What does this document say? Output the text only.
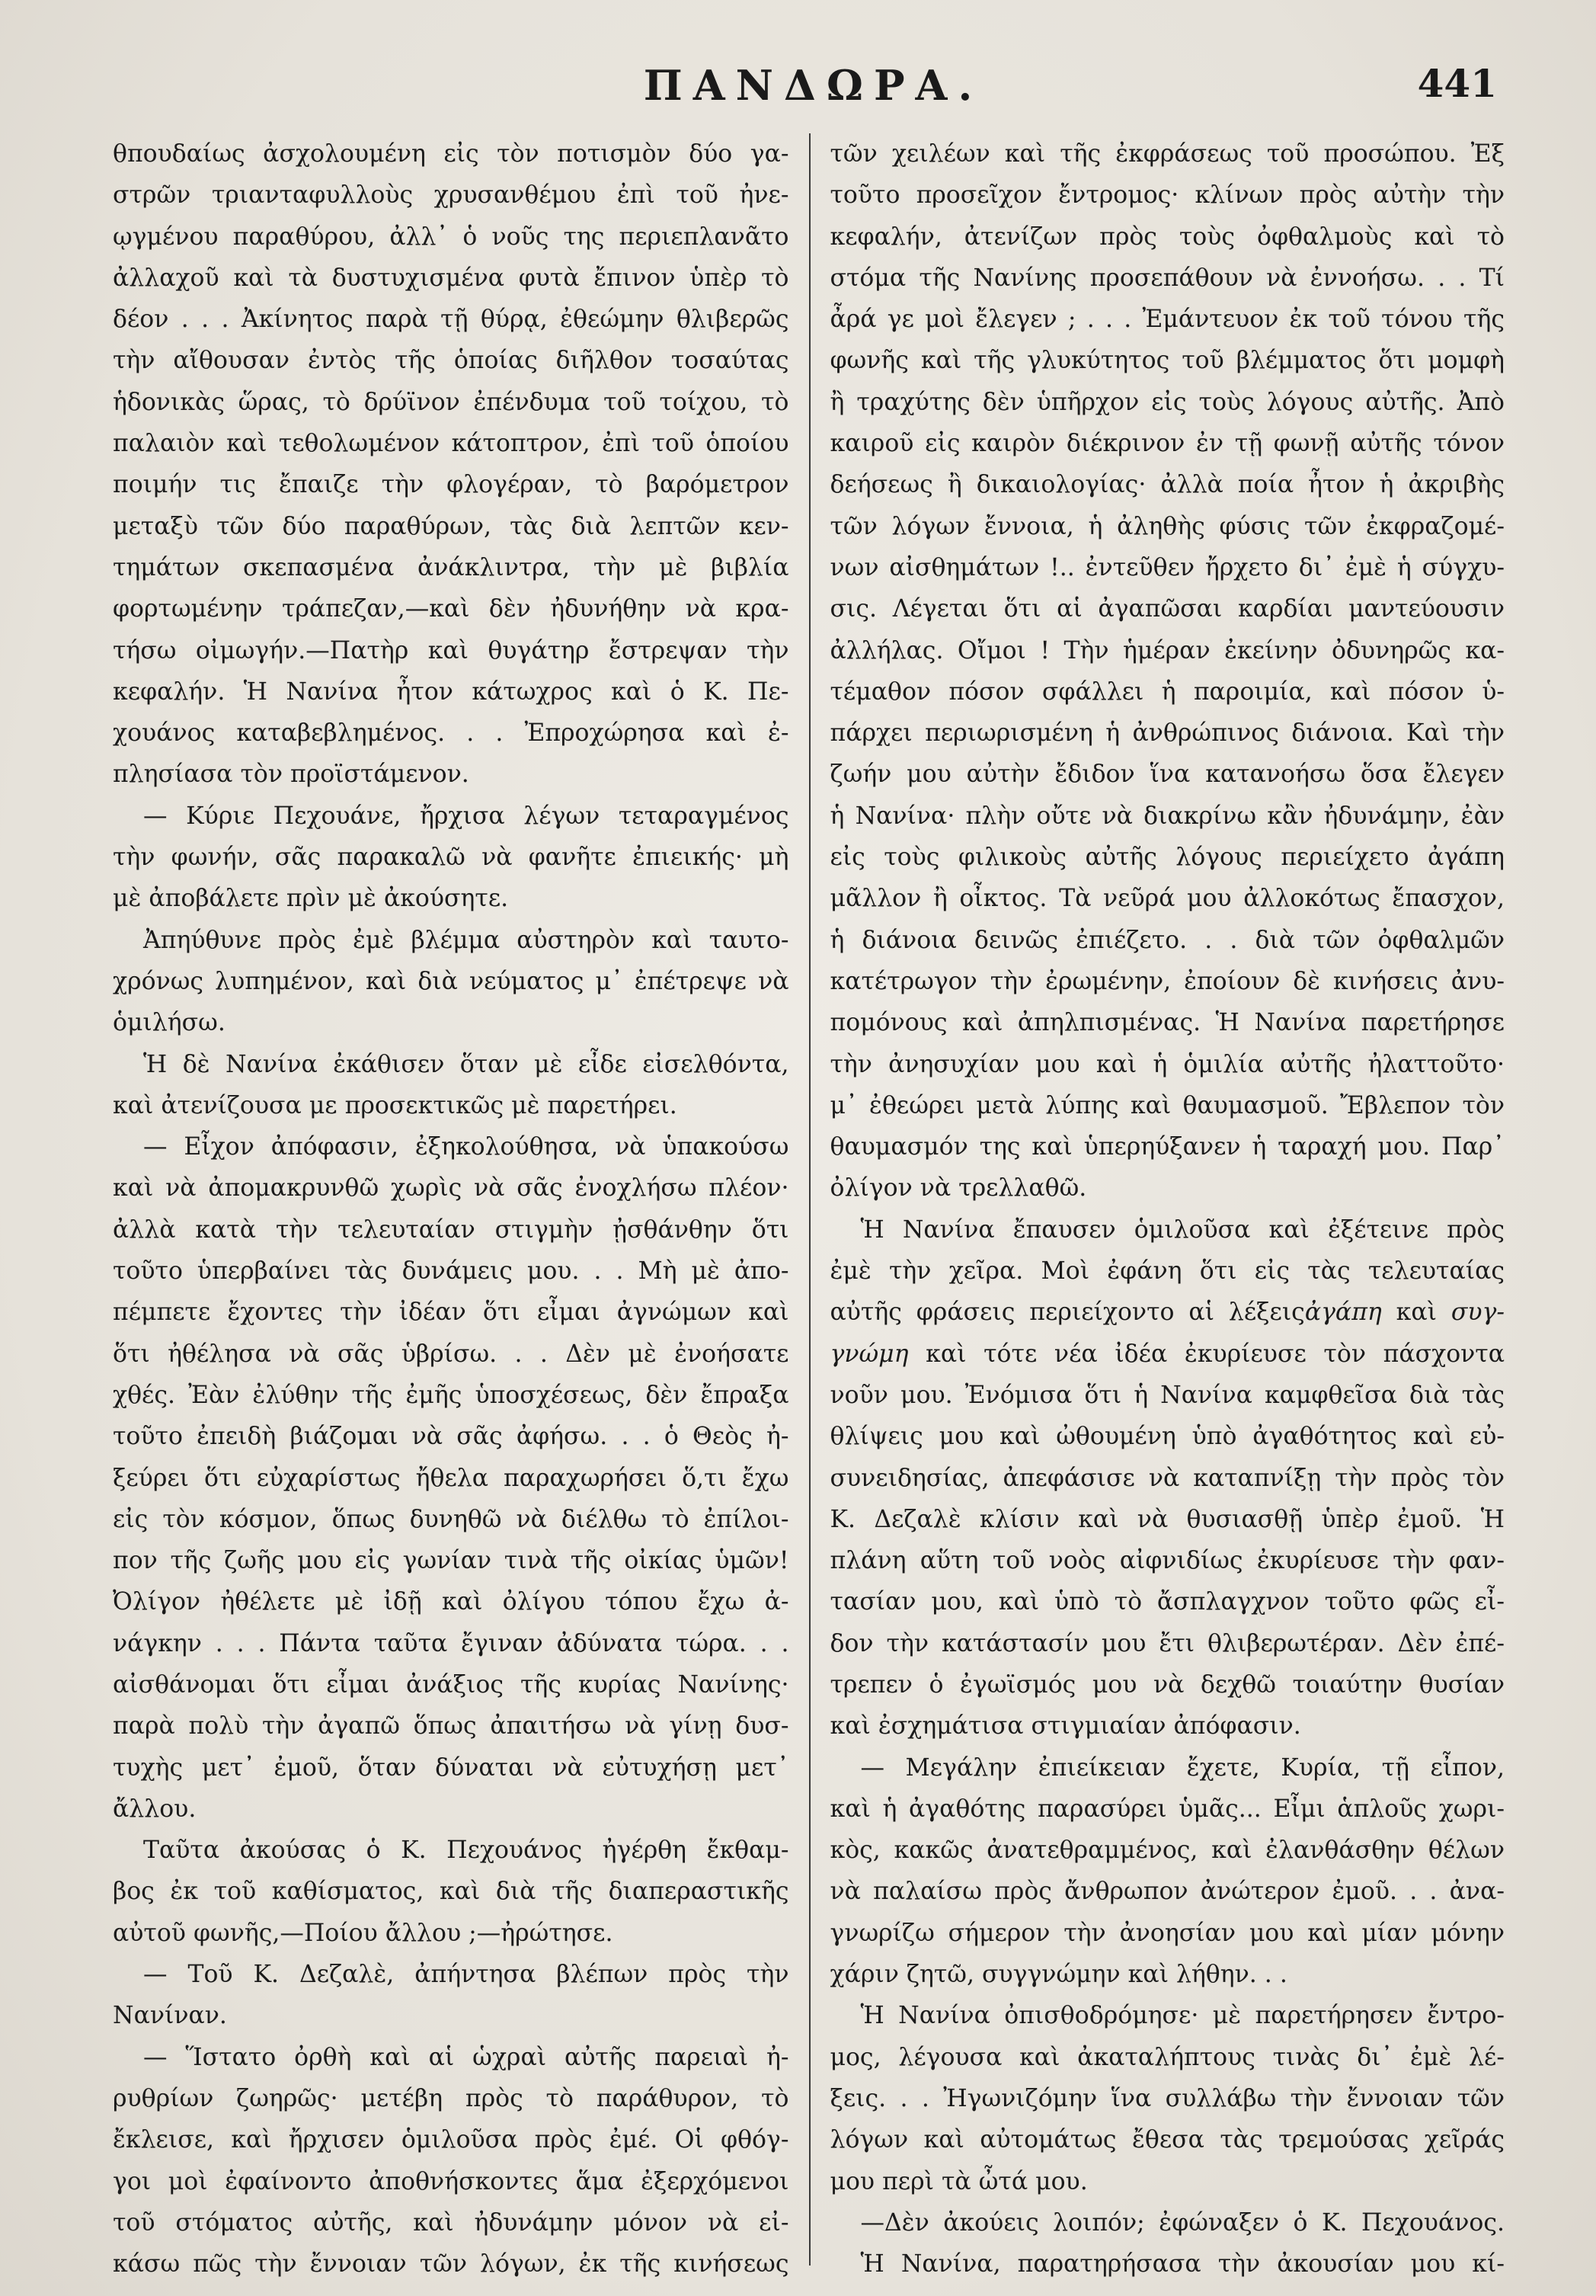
ΠΑΝΔΩΡΑ.	441
θπουδαίως ἀσχολουμένη εἰς τὸν ποτισμὸν δύο γα-
στρῶν τριανταφυλλοὺς χρυσανθέμου ἐπὶ τοῦ ἠνε-
ῳγμένου παραθύρου, ἀλλ᾽ ὁ νοῦς της περιεπλανᾶτο
ἀλλαχοῦ καὶ τὰ δυστυχισμένα φυτὰ ἔπινον ὑπὲρ τὸ
δέον . . . Ἀκίνητος παρὰ τῇ θύρᾳ, ἐθεώμην θλιβερῶς
τὴν αἴθουσαν ἐντὸς τῆς ὁποίας διῆλθον τοσαύτας
ἡδονικὰς ὥρας, τὸ δρύϊνον ἐπένδυμα τοῦ τοίχου, τὸ
παλαιὸν καὶ τεθολωμένον κάτοπτρον, ἐπὶ τοῦ ὁποίου
ποιμήν τις ἔπαιζε τὴν φλογέραν, τὸ βαρόμετρον
μεταξὺ τῶν δύο παραθύρων, τὰς διὰ λεπτῶν κεν-
τημάτων σκεπασμένα ἀνάκλιντρα, τὴν μὲ βιβλία
φορτωμένην τράπεζαν,—καὶ δὲν ἠδυνήθην νὰ κρα-
τήσω οἰμωγήν.—Πατὴρ καὶ θυγάτηρ ἔστρεψαν τὴν
κεφαλήν. Ἡ Νανίνα ἦτον κάτωχρος καὶ ὁ Κ. Πε-
χουάνος καταβεβλημένος. . . Ἐπροχώρησα καὶ ἐ-
πλησίασα τὸν προϊστάμενον.
— Κύριε Πεχουάνε, ἤρχισα λέγων τεταραγμένος
τὴν φωνήν, σᾶς παρακαλῶ νὰ φανῆτε ἐπιεικής· μὴ
μὲ ἀποβάλετε πρὶν μὲ ἀκούσητε.
Ἀπηύθυνε πρὸς ἐμὲ βλέμμα αὐστηρὸν καὶ ταυτο-
χρόνως λυπημένον, καὶ διὰ νεύματος μ᾽ ἐπέτρεψε νὰ
ὁμιλήσω.
Ἡ δὲ Νανίνα ἐκάθισεν ὅταν μὲ εἶδε εἰσελθόντα,
καὶ ἀτενίζουσα με προσεκτικῶς μὲ παρετήρει.
— Εἶχον ἀπόφασιν, ἐξηκολούθησα, νὰ ὑπακούσω
καὶ νὰ ἀπομακρυνθῶ χωρὶς νὰ σᾶς ἐνοχλήσω πλέον·
ἀλλὰ κατὰ τὴν τελευταίαν στιγμὴν ᾐσθάνθην ὅτι
τοῦτο ὑπερβαίνει τὰς δυνάμεις μου. . . Μὴ μὲ ἀπο-
πέμπετε ἔχοντες τὴν ἰδέαν ὅτι εἶμαι ἀγνώμων καὶ
ὅτι ἠθέλησα νὰ σᾶς ὑβρίσω. . . Δὲν μὲ ἐνοήσατε
χθές. Ἐὰν ἐλύθην τῆς ἐμῆς ὑποσχέσεως, δὲν ἔπραξα
τοῦτο ἐπειδὴ βιάζομαι νὰ σᾶς ἀφήσω. . . ὁ Θεὸς ἠ-
ξεύρει ὅτι εὐχαρίστως ἤθελα παραχωρήσει ὅ,τι ἔχω
εἰς τὸν κόσμον, ὅπως δυνηθῶ νὰ διέλθω τὸ ἐπίλοι-
πον τῆς ζωῆς μου εἰς γωνίαν τινὰ τῆς οἰκίας ὑμῶν!
Ὀλίγον ἠθέλετε μὲ ἰδῇ καὶ ὀλίγου τόπου ἔχω ἀ-
νάγκην . . . Πάντα ταῦτα ἔγιναν ἀδύνατα τώρα. . .
αἰσθάνομαι ὅτι εἶμαι ἀνάξιος τῆς κυρίας Νανίνης·
παρὰ πολὺ τὴν ἀγαπῶ ὅπως ἀπαιτήσω νὰ γίνῃ δυσ-
τυχὴς μετ᾽ ἐμοῦ, ὅταν δύναται νὰ εὐτυχήσῃ μετ᾽
ἄλλου.
Ταῦτα ἀκούσας ὁ Κ. Πεχουάνος ἠγέρθη ἔκθαμ-
βος ἐκ τοῦ καθίσματος, καὶ διὰ τῆς διαπεραστικῆς
αὐτοῦ φωνῆς,—Ποίου ἄλλου ;—ἠρώτησε.
— Τοῦ Κ. Δεζαλὲ, ἀπήντησα βλέπων πρὸς τὴν
Νανίναν.
— Ἵστατο ὀρθὴ καὶ αἱ ὡχραὶ αὐτῆς παρειαὶ ἠ-
ρυθρίων ζωηρῶς· μετέβη πρὸς τὸ παράθυρον, τὸ
ἔκλεισε, καὶ ἤρχισεν ὁμιλοῦσα πρὸς ἐμέ. Οἱ φθόγ-
γοι μοὶ ἐφαίνοντο ἀποθνήσκοντες ἅμα ἐξερχόμενοι
τοῦ στόματος αὐτῆς, καὶ ἠδυνάμην μόνον νὰ εἰ-
κάσω πῶς τὴν ἔννοιαν τῶν λόγων, ἐκ τῆς κινήσεως
τῶν χειλέων καὶ τῆς ἐκφράσεως τοῦ προσώπου. Ἐξ
τοῦτο προσεῖχον ἔντρομος· κλίνων πρὸς αὐτὴν τὴν
κεφαλήν, ἀτενίζων πρὸς τοὺς ὀφθαλμοὺς καὶ τὸ
στόμα τῆς Νανίνης προσεπάθουν νὰ ἐννοήσω. . . Τί
ἆρά γε μοὶ ἔλεγεν ; . . . Ἐμάντευον ἐκ τοῦ τόνου τῆς
φωνῆς καὶ τῆς γλυκύτητος τοῦ βλέμματος ὅτι μομφὴ
ἢ τραχύτης δὲν ὑπῆρχον εἰς τοὺς λόγους αὐτῆς. Ἀπὸ
καιροῦ εἰς καιρὸν διέκρινον ἐν τῇ φωνῇ αὐτῆς τόνον
δεήσεως ἢ δικαιολογίας· ἀλλὰ ποία ἦτον ἡ ἀκριβὴς
τῶν λόγων ἔννοια, ἡ ἀληθὴς φύσις τῶν ἐκφραζομέ-
νων αἰσθημάτων !.. ἐντεῦθεν ἤρχετο δι᾽ ἐμὲ ἡ σύγχυ-
σις. Λέγεται ὅτι αἱ ἀγαπῶσαι καρδίαι μαντεύουσιν
ἀλλήλας. Οἴμοι ! Τὴν ἡμέραν ἐκείνην ὀδυνηρῶς κα-
τέμαθον πόσον σφάλλει ἡ παροιμία, καὶ πόσον ὑ-
πάρχει περιωρισμένη ἡ ἀνθρώπινος διάνοια. Καὶ τὴν
ζωήν μου αὐτὴν ἔδιδον ἵνα κατανοήσω ὅσα ἔλεγεν
ἡ Νανίνα· πλὴν οὔτε νὰ διακρίνω κἂν ἠδυνάμην, ἐὰν
εἰς τοὺς φιλικοὺς αὐτῆς λόγους περιείχετο ἀγάπη
μᾶλλον ἢ οἶκτος. Τὰ νεῦρά μου ἀλλοκότως ἔπασχον,
ἡ διάνοια δεινῶς ἐπιέζετο. . . διὰ τῶν ὀφθαλμῶν
κατέτρωγον τὴν ἐρωμένην, ἐποίουν δὲ κινήσεις ἀνυ-
πομόνους καὶ ἀπηλπισμένας. Ἡ Νανίνα παρετήρησε
τὴν ἀνησυχίαν μου καὶ ἡ ὁμιλία αὐτῆς ἠλαττοῦτο·
μ᾽ ἐθεώρει μετὰ λύπης καὶ θαυμασμοῦ. Ἔβλεπον τὸν
θαυμασμόν της καὶ ὑπερηύξανεν ἡ ταραχή μου. Παρ᾽
ὀλίγον νὰ τρελλαθῶ.
Ἡ Νανίνα ἔπαυσεν ὁμιλοῦσα καὶ ἐξέτεινε πρὸς
ἐμὲ τὴν χεῖρα. Μοὶ ἐφάνη ὅτι εἰς τὰς τελευταίας
αὐτῆς φράσεις περιείχοντο αἱ λέξειςἀγάπη καὶ συγ-
γνώμη καὶ τότε νέα ἰδέα ἐκυρίευσε τὸν πάσχοντα
νοῦν μου. Ἐνόμισα ὅτι ἡ Νανίνα καμφθεῖσα διὰ τὰς
θλίψεις μου καὶ ὠθουμένη ὑπὸ ἀγαθότητος καὶ εὐ-
συνειδησίας, ἀπεφάσισε νὰ καταπνίξῃ τὴν πρὸς τὸν
Κ. Δεζαλὲ κλίσιν καὶ νὰ θυσιασθῇ ὑπὲρ ἐμοῦ. Ἡ
πλάνη αὕτη τοῦ νοὸς αἰφνιδίως ἐκυρίευσε τὴν φαν-
τασίαν μου, καὶ ὑπὸ τὸ ἄσπλαγχνον τοῦτο φῶς εἶ-
δον τὴν κατάστασίν μου ἔτι θλιβερωτέραν. Δὲν ἐπέ-
τρεπεν ὁ ἐγωϊσμός μου νὰ δεχθῶ τοιαύτην θυσίαν
καὶ ἐσχημάτισα στιγμιαίαν ἀπόφασιν.
— Μεγάλην ἐπιείκειαν ἔχετε, Κυρία, τῇ εἶπον,
καὶ ἡ ἀγαθότης παρασύρει ὑμᾶς... Εἶμι ἁπλοῦς χωρι-
κὸς, κακῶς ἀνατεθραμμένος, καὶ ἐλανθάσθην θέλων
νὰ παλαίσω πρὸς ἄνθρωπον ἀνώτερον ἐμοῦ. . . ἀνα-
γνωρίζω σήμερον τὴν ἀνοησίαν μου καὶ μίαν μόνην
χάριν ζητῶ, συγγνώμην καὶ λήθην. . .
Ἡ Νανίνα ὀπισθοδρόμησε· μὲ παρετήρησεν ἔντρο-
μος, λέγουσα καὶ ἀκαταλήπτους τινὰς δι᾽ ἐμὲ λέ-
ξεις. . . Ἠγωνιζόμην ἵνα συλλάβω τὴν ἔννοιαν τῶν
λόγων καὶ αὐτομάτως ἔθεσα τὰς τρεμούσας χεῖράς
μου περὶ τὰ ὦτά μου.
—Δὲν ἀκούεις λοιπόν; ἐφώναξεν ὁ Κ. Πεχουάνος.
Ἡ Νανίνα, παρατηρήσασα τὴν ἀκουσίαν μου κί-
